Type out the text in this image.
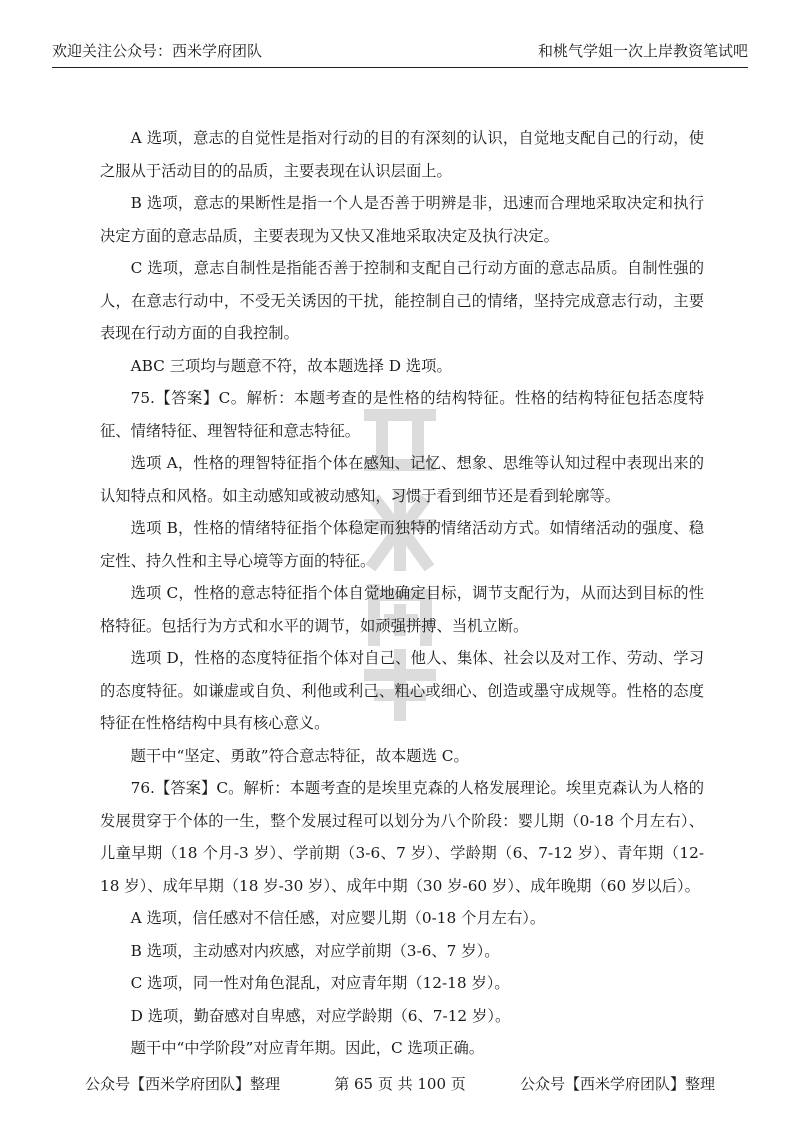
欢迎关注公众号：西米学府团队	和桃气学姐一次上岸教资笔试吧

A 选项，意志的自觉性是指对行动的目的有深刻的认识，自觉地支配自己的行动，使之服从于活动目的的品质，主要表现在认识层面上。

B 选项，意志的果断性是指一个人是否善于明辨是非，迅速而合理地采取决定和执行决定方面的意志品质，主要表现为又快又准地采取决定及执行决定。

C 选项，意志自制性是指能否善于控制和支配自己行动方面的意志品质。自制性强的人，在意志行动中，不受无关诱因的干扰，能控制自己的情绪，坚持完成意志行动，主要表现在行动方面的自我控制。

ABC 三项均与题意不符，故本题选择 D 选项。

75.【答案】C。解析：本题考查的是性格的结构特征。性格的结构特征包括态度特征、情绪特征、理智特征和意志特征。

选项 A，性格的理智特征指个体在感知、记忆、想象、思维等认知过程中表现出来的认知特点和风格。如主动感知或被动感知，习惯于看到细节还是看到轮廓等。

选项 B，性格的情绪特征指个体稳定而独特的情绪活动方式。如情绪活动的强度、稳定性、持久性和主导心境等方面的特征。

选项 C，性格的意志特征指个体自觉地确定目标，调节支配行为，从而达到目标的性格特征。包括行为方式和水平的调节，如顽强拼搏、当机立断。

选项 D，性格的态度特征指个体对自己、他人、集体、社会以及对工作、劳动、学习的态度特征。如谦虚或自负、利他或利己、粗心或细心、创造或墨守成规等。性格的态度特征在性格结构中具有核心意义。

题干中“坚定、勇敢”符合意志特征，故本题选 C。

76.【答案】C。解析：本题考查的是埃里克森的人格发展理论。埃里克森认为人格的发展贯穿于个体的一生，整个发展过程可以划分为八个阶段：婴儿期（0-18 个月左右）、儿童早期（18 个月-3 岁）、学前期（3-6、7 岁）、学龄期（6、7-12 岁）、青年期（12-18 岁）、成年早期（18 岁-30 岁）、成年中期（30 岁-60 岁）、成年晚期（60 岁以后）。

A 选项，信任感对不信任感，对应婴儿期（0-18 个月左右）。

B 选项，主动感对内疚感，对应学前期（3-6、7 岁）。

C 选项，同一性对角色混乱，对应青年期（12-18 岁）。

D 选项，勤奋感对自卑感，对应学龄期（6、7-12 岁）。

题干中“中学阶段”对应青年期。因此，C 选项正确。

公众号【西米学府团队】整理	第 65 页 共 100 页	公众号【西米学府团队】整理
